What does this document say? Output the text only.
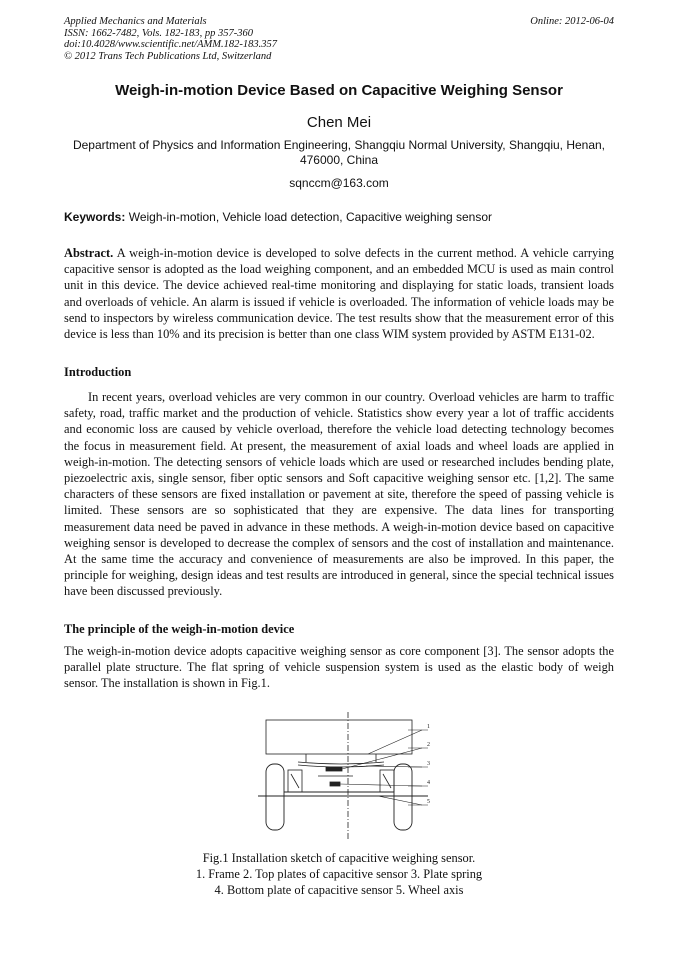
Applied Mechanics and Materials
ISSN: 1662-7482, Vols. 182-183, pp 357-360
doi:10.4028/www.scientific.net/AMM.182-183.357
© 2012 Trans Tech Publications Ltd, Switzerland
Online: 2012-06-04
Weigh-in-motion Device Based on Capacitive Weighing Sensor
Chen Mei
Department of Physics and Information Engineering, Shangqiu Normal University, Shangqiu, Henan, 476000, China
sqnccm@163.com
Keywords: Weigh-in-motion, Vehicle load detection, Capacitive weighing sensor

Abstract. A weigh-in-motion device is developed to solve defects in the current method. A vehicle carrying capacitive sensor is adopted as the load weighing component, and an embedded MCU is used as main control unit in this device. The device achieved real-time monitoring and displaying for static loads, transient loads and overloads of vehicle. An alarm is issued if vehicle is overloaded. The information of vehicle loads may be send to inspectors by wireless communication device. The test results show that the measurement error of this device is less than 10% and its precision is better than one class WIM system provided by ASTM E131-02.

Introduction

In recent years, overload vehicles are very common in our country. Overload vehicles are harm to traffic safety, road, traffic market and the production of vehicle. Statistics show every year a lot of traffic accidents and economic loss are caused by vehicle overload, therefore the vehicle load detecting technology becomes the focus in measurement field. At present, the measurement of axial loads and wheel loads are applied in weigh-in-motion. The detecting sensors of vehicle loads which are used or researched includes bending plate, piezoelectric axis, single sensor, fiber optic sensors and Soft capacitive weighing sensor etc. [1,2]. The same characters of these sensors are fixed installation or pavement at site, therefore the speed of passing vehicle is limited. These sensors are so sophisticated that they are expensive. The data lines for transporting measurement data need be paved in advance in these methods. A weigh-in-motion device based on capacitive weighing sensor is developed to decrease the complex of sensors and the cost of installation and maintenance. At the same time the accuracy and convenience of measurements are also be improved. In this paper, the principle for weighing, design ideas and test results are introduced in general, since the special technical issues have been discussed previously.

The principle of the weigh-in-motion device

The weigh-in-motion device adopts capacitive weighing sensor as core component [3]. The sensor adopts the parallel plate structure. The flat spring of vehicle suspension system is used as the elastic body of weigh sensor. The installation is shown in Fig.1.

1
2
3
4
5
Fig.1 Installation sketch of capacitive weighing sensor.
1. Frame 2. Top plates of capacitive sensor 3. Plate spring
4. Bottom plate of capacitive sensor 5. Wheel axis
